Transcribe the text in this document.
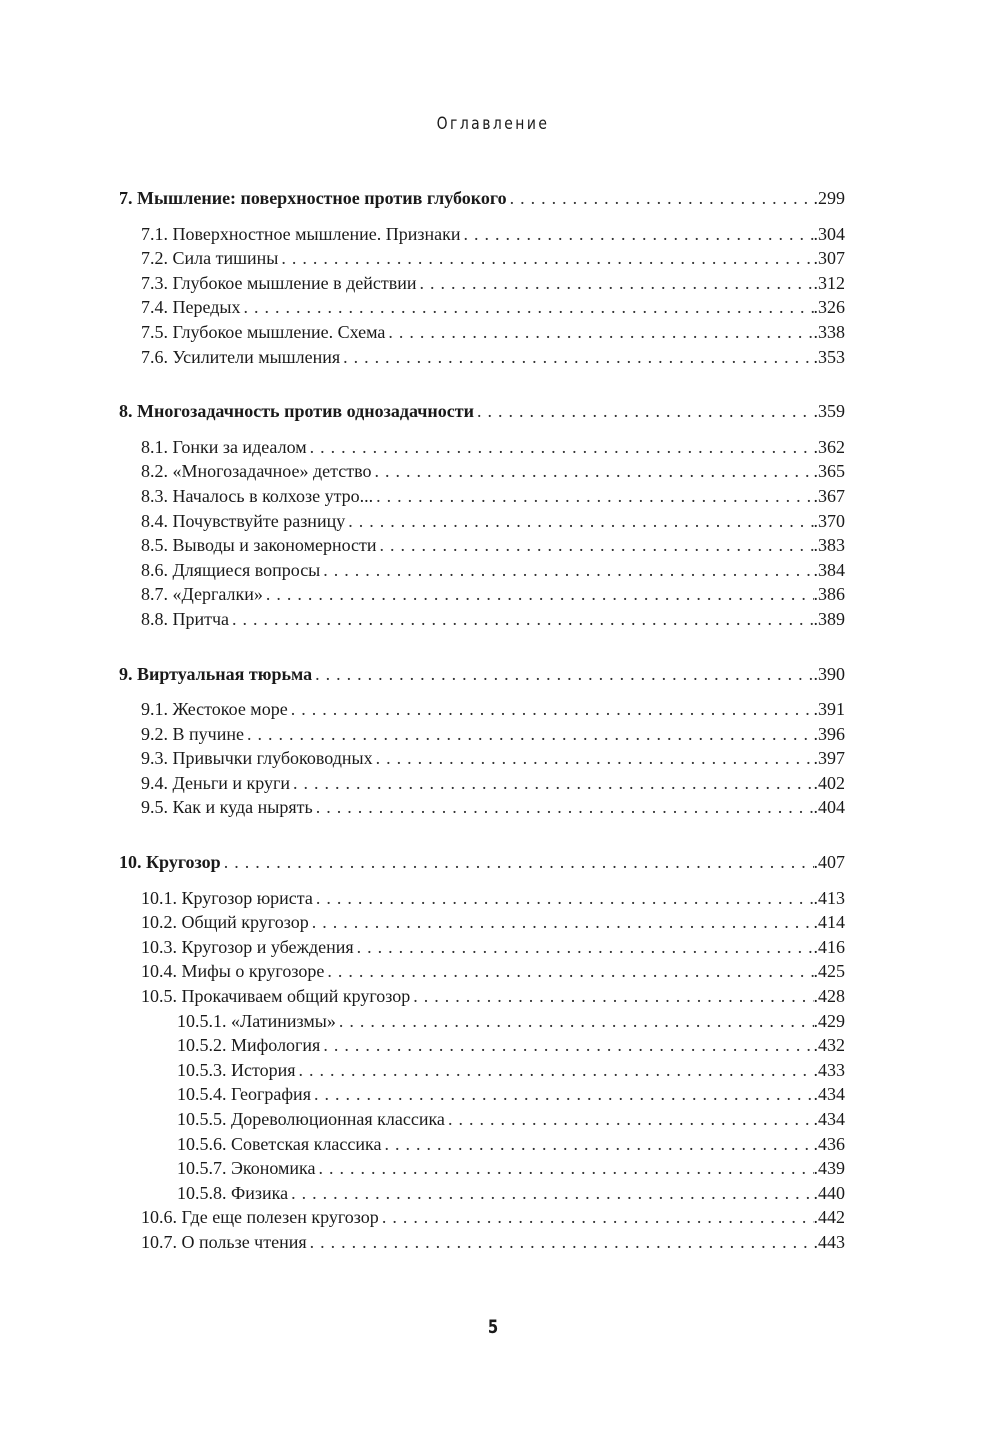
Оглавление
7. Мышление: поверхностное против глубокого . . .	.299
7.1. Поверхностное мышление. Признаки . . .	.304
7.2. Сила тишины . . .	.307
7.3. Глубокое мышление в действии . . .	.312
7.4. Передых . . .	.326
7.5. Глубокое мышление. Схема . . .	.338
7.6. Усилители мышления . . .	.353
8. Многозадачность против однозадачности . . .	.359
8.1. Гонки за идеалом . . .	.362
8.2. «Многозадачное» детство . . .	.365
8.3. Началось в колхозе утро... . . .	.367
8.4. Почувствуйте разницу . . .	.370
8.5. Выводы и закономерности . . .	.383
8.6. Длящиеся вопросы . . .	.384
8.7. «Дергалки» . . .	.386
8.8. Притча . . .	.389
9. Виртуальная тюрьма . . .	.390
9.1. Жестокое море . . .	.391
9.2. В пучине . . .	.396
9.3. Привычки глубоководных . . .	.397
9.4. Деньги и круги . . .	.402
9.5. Как и куда нырять . . .	.404
10. Кругозор . . .	.407
10.1. Кругозор юриста . . .	.413
10.2. Общий кругозор . . .	.414
10.3. Кругозор и убеждения . . .	.416
10.4. Мифы о кругозоре . . .	.425
10.5. Прокачиваем общий кругозор . . .	.428
10.5.1. «Латинизмы» . . .	.429
10.5.2. Мифология . . .	.432
10.5.3. История . . .	.433
10.5.4. География . . .	.434
10.5.5. Дореволюционная классика . . .	.434
10.5.6. Советская классика . . .	.436
10.5.7. Экономика . . .	.439
10.5.8. Физика . . .	.440
10.6. Где еще полезен кругозор . . .	.442
10.7. О пользе чтения . . .	.443
5
